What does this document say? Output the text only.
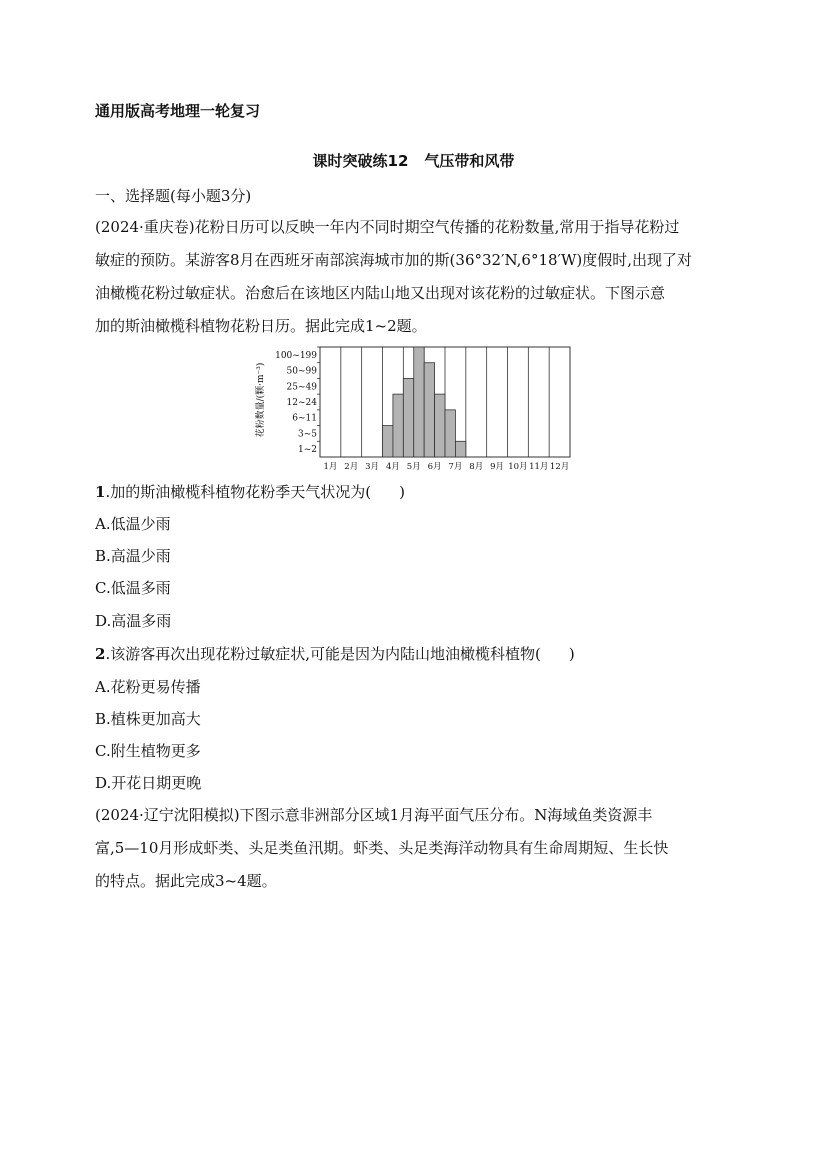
通用版高考地理一轮复习
课时突破练12 气压带和风带
一、选择题(每小题3分)
(2024·重庆卷)花粉日历可以反映一年内不同时期空气传播的花粉数量,常用于指导花粉过
敏症的预防。某游客8月在西班牙南部滨海城市加的斯(36°32′N,6°18′W)度假时,出现了对
油橄榄花粉过敏症状。治愈后在该地区内陆山地又出现对该花粉的过敏症状。下图示意
加的斯油橄榄科植物花粉日历。据此完成1~2题。
1~2
3~5
6~11
12~24
25~49
50~99
100~199
1月 2月 3月 4月 5月 6月 7月 8月 9月 10月 11月 12月
花粉数量/(颗·m⁻³)
1.加的斯油橄榄科植物花粉季天气状况为( )
A.低温少雨
B.高温少雨
C.低温多雨
D.高温多雨
2.该游客再次出现花粉过敏症状,可能是因为内陆山地油橄榄科植物( )
A.花粉更易传播
B.植株更加高大
C.附生植物更多
D.开花日期更晚
(2024·辽宁沈阳模拟)下图示意非洲部分区域1月海平面气压分布。N海域鱼类资源丰
富,5—10月形成虾类、头足类鱼汛期。虾类、头足类海洋动物具有生命周期短、生长快
的特点。据此完成3~4题。
